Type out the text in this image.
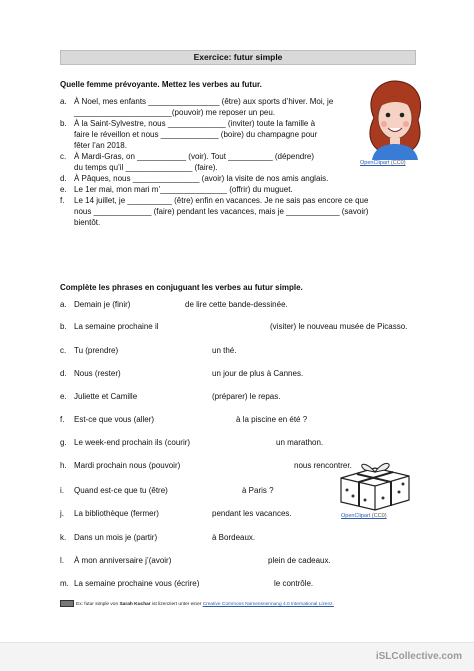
Exercice: futur simple
Quelle femme prévoyante. Mettez les verbes au futur.
a. À Noel, mes enfants ________________ (être) aux sports d’hiver. Moi, je
______________________(pouvoir) me reposer un peu.
b. À la Saint-Sylvestre, nous _____________ (inviter) toute la famille à
faire le réveillon et nous _____________ (boire) du champagne pour
fêter l’an 2018.
c. À Mardi-Gras, on ___________ (voir). Tout __________ (dépendre)
du temps qu’il _______________ (faire).
d. À Pâques, nous _______________ (avoir) la visite de nos amis anglais.
e. Le 1er mai, mon mari m’_______________ (offrir) du muguet.
f.	Le 14 juillet, je __________ (être) enfin en vacances. Je ne sais pas encore ce que
nous _____________ (faire) pendant les vacances, mais je ____________ (savoir)
bientôt.
OpenClipart (CC0)
Complète les phrases en conjuguant les verbes au futur simple.
a. Demain je (finir)	de lire cette bande-dessinée.
b. La semaine prochaine il	(visiter) le nouveau musée de Picasso.
c. Tu (prendre)	un thé.
d. Nous (rester)	un jour de plus à Cannes.
e. Juliette et Camille	(préparer) le repas.
f.	Est-ce que vous (aller)	à la piscine en été ?
g. Le week-end prochain ils (courir)	un marathon.
h. Mardi prochain nous (pouvoir)	nous rencontrer.
i.	Quand est-ce que tu (être)	à Paris ?
j.	La bibliothèque (fermer)	pendant les vacances.
k. Dans un mois je (partir)	à Bordeaux.
l.	À mon anniversaire j’(avoir)	plein de cadeaux.
m. La semaine prochaine vous (écrire)	le contrôle.
OpenClipart (CC0)
Ex: futur simple von Sarah Kuchar ist lizenziert unter einer Creative Commons Namensnennung 4.0 International Lizenz.
iSLCollective.com
